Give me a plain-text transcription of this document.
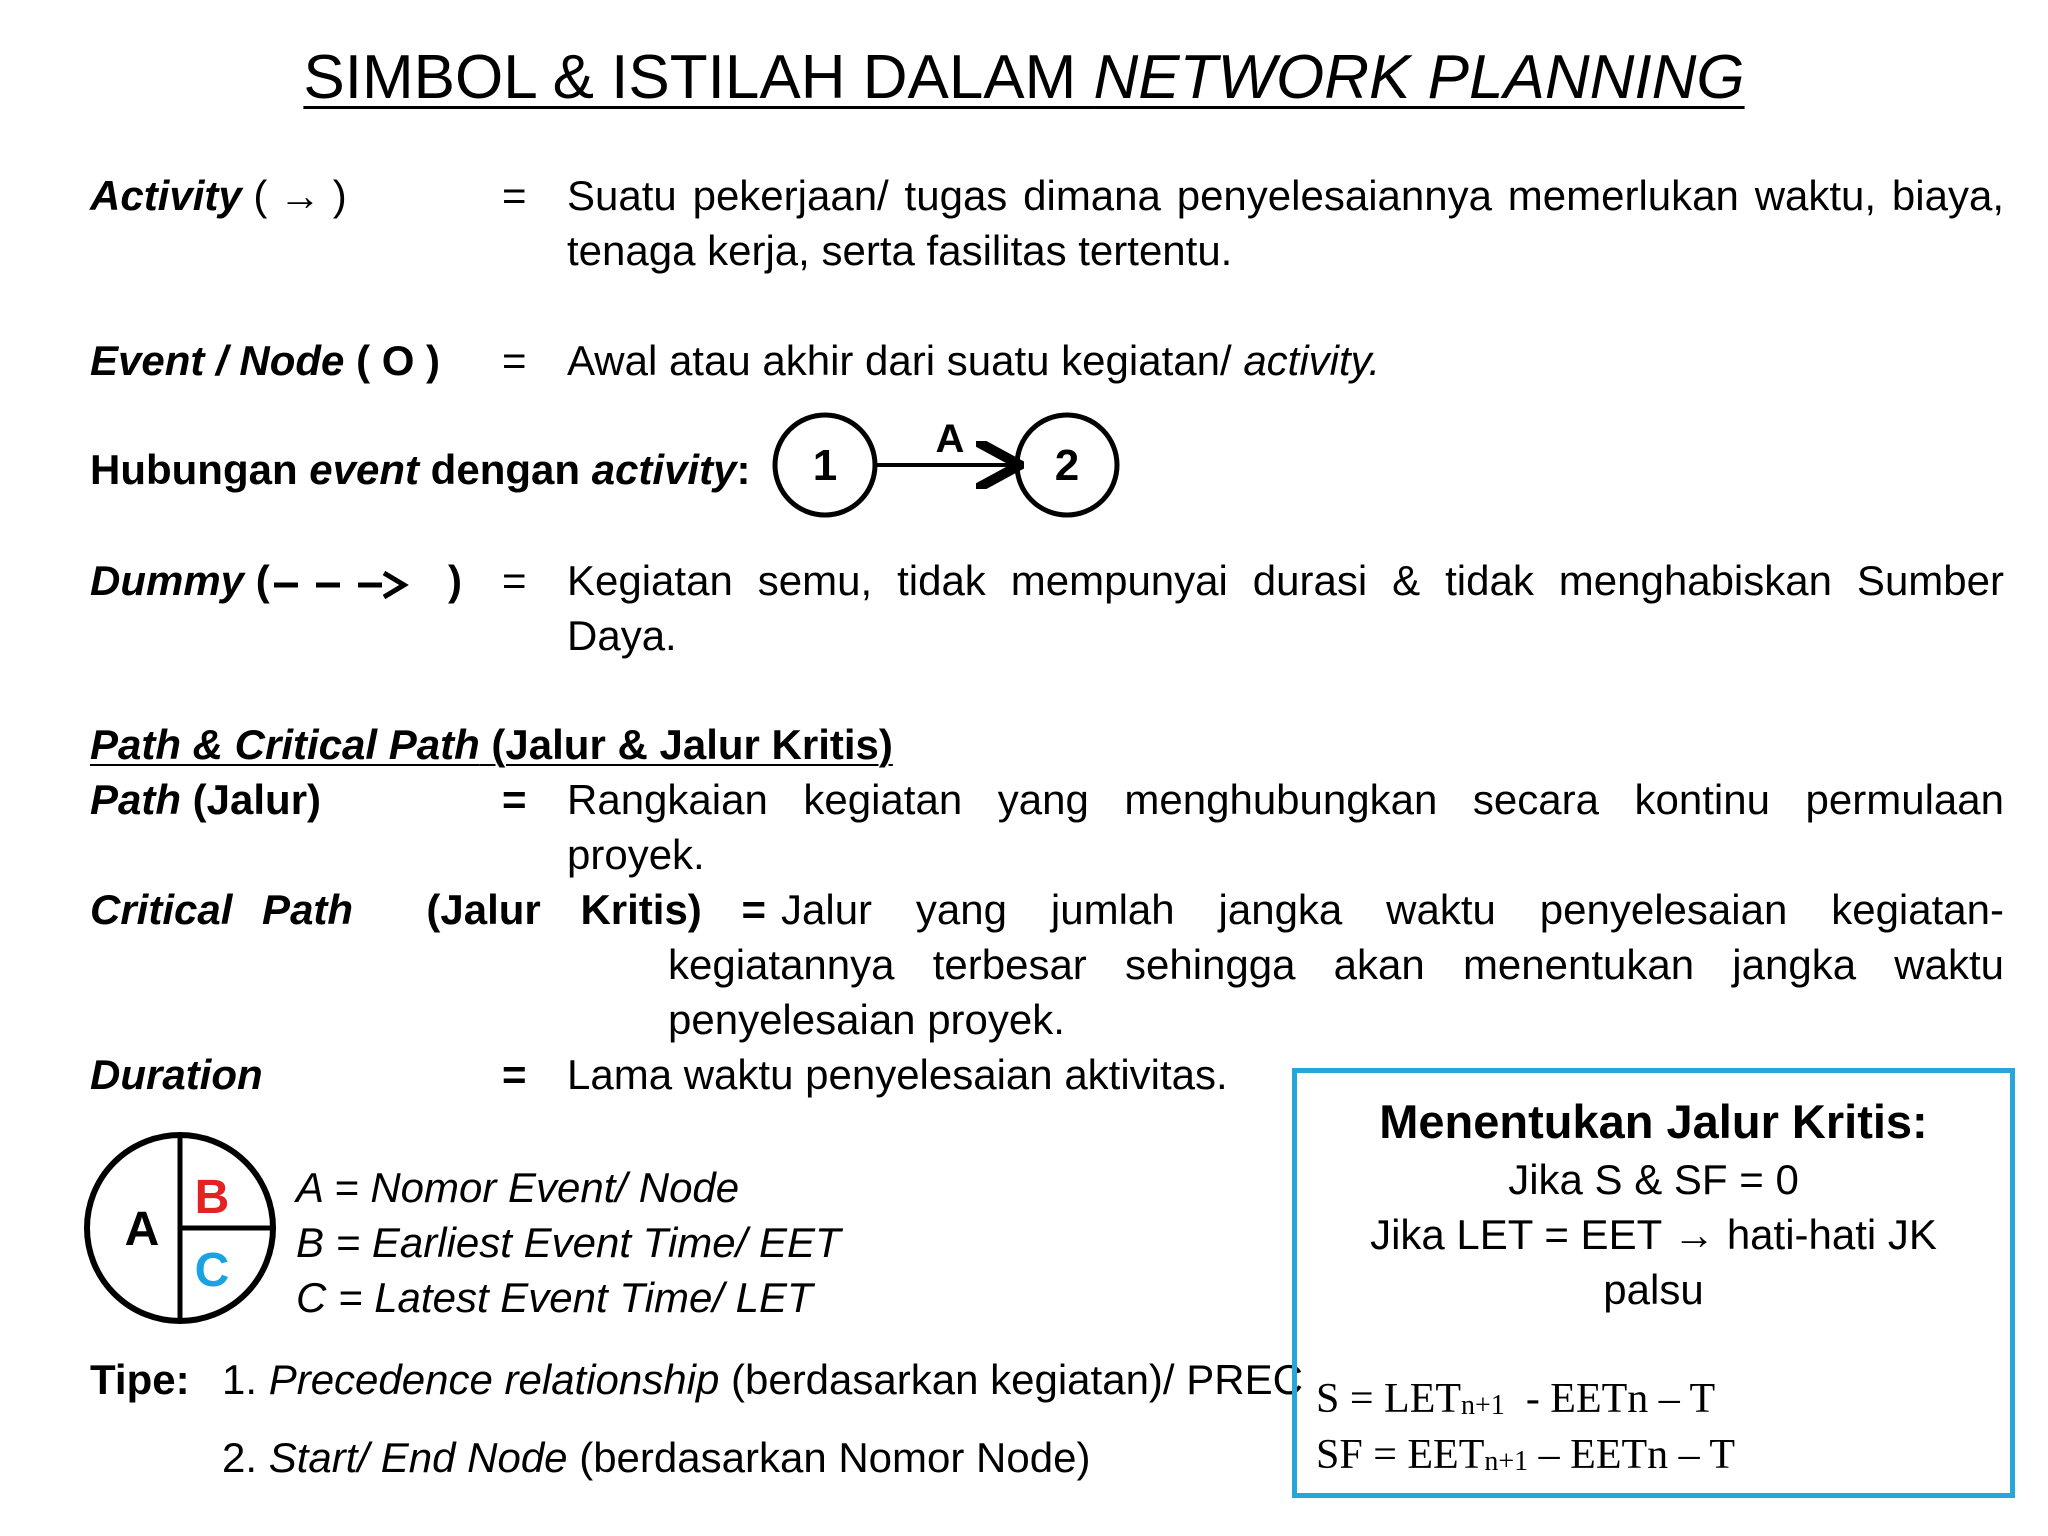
SIMBOL & ISTILAH DALAM NETWORK PLANNING
Activity ( → )	= Suatu pekerjaan/ tugas dimana penyelesaiannya memerlukan waktu, biaya, tenaga kerja, serta fasilitas tertentu.
Event / Node ( O )	= Awal atau akhir dari suatu kegiatan/ activity.
Hubungan event dengan activity:	1
A
2
Dummy (	) = Kegiatan semu, tidak mempunyai durasi & tidak menghabiskan Sumber Daya.
Path & Critical Path (Jalur & Jalur Kritis)
Path (Jalur)	= Rangkaian kegiatan yang menghubungkan secara kontinu permulaan proyek.
Critical Path (Jalur Kritis) = Jalur yang jumlah jangka waktu penyelesaian kegiatan-
kegiatannya terbesar sehingga akan menentukan jangka waktu penyelesaian proyek.
Duration	= Lama waktu penyelesaian aktivitas.
A
B
C
A = Nomor Event/ Node
B = Earliest Event Time/ EET
C = Latest Event Time/ LET
Tipe: 1. Precedence relationship (berdasarkan kegiatan)/ PREC
2. Start/ End Node (berdasarkan Nomor Node)
Menentukan Jalur Kritis:
Jika S & SF = 0
Jika LET = EET → hati-hati JK palsu
$S = LET_{n+1}$  - EETn – T
SF = $EET_{n+1}$ – EETn – T
